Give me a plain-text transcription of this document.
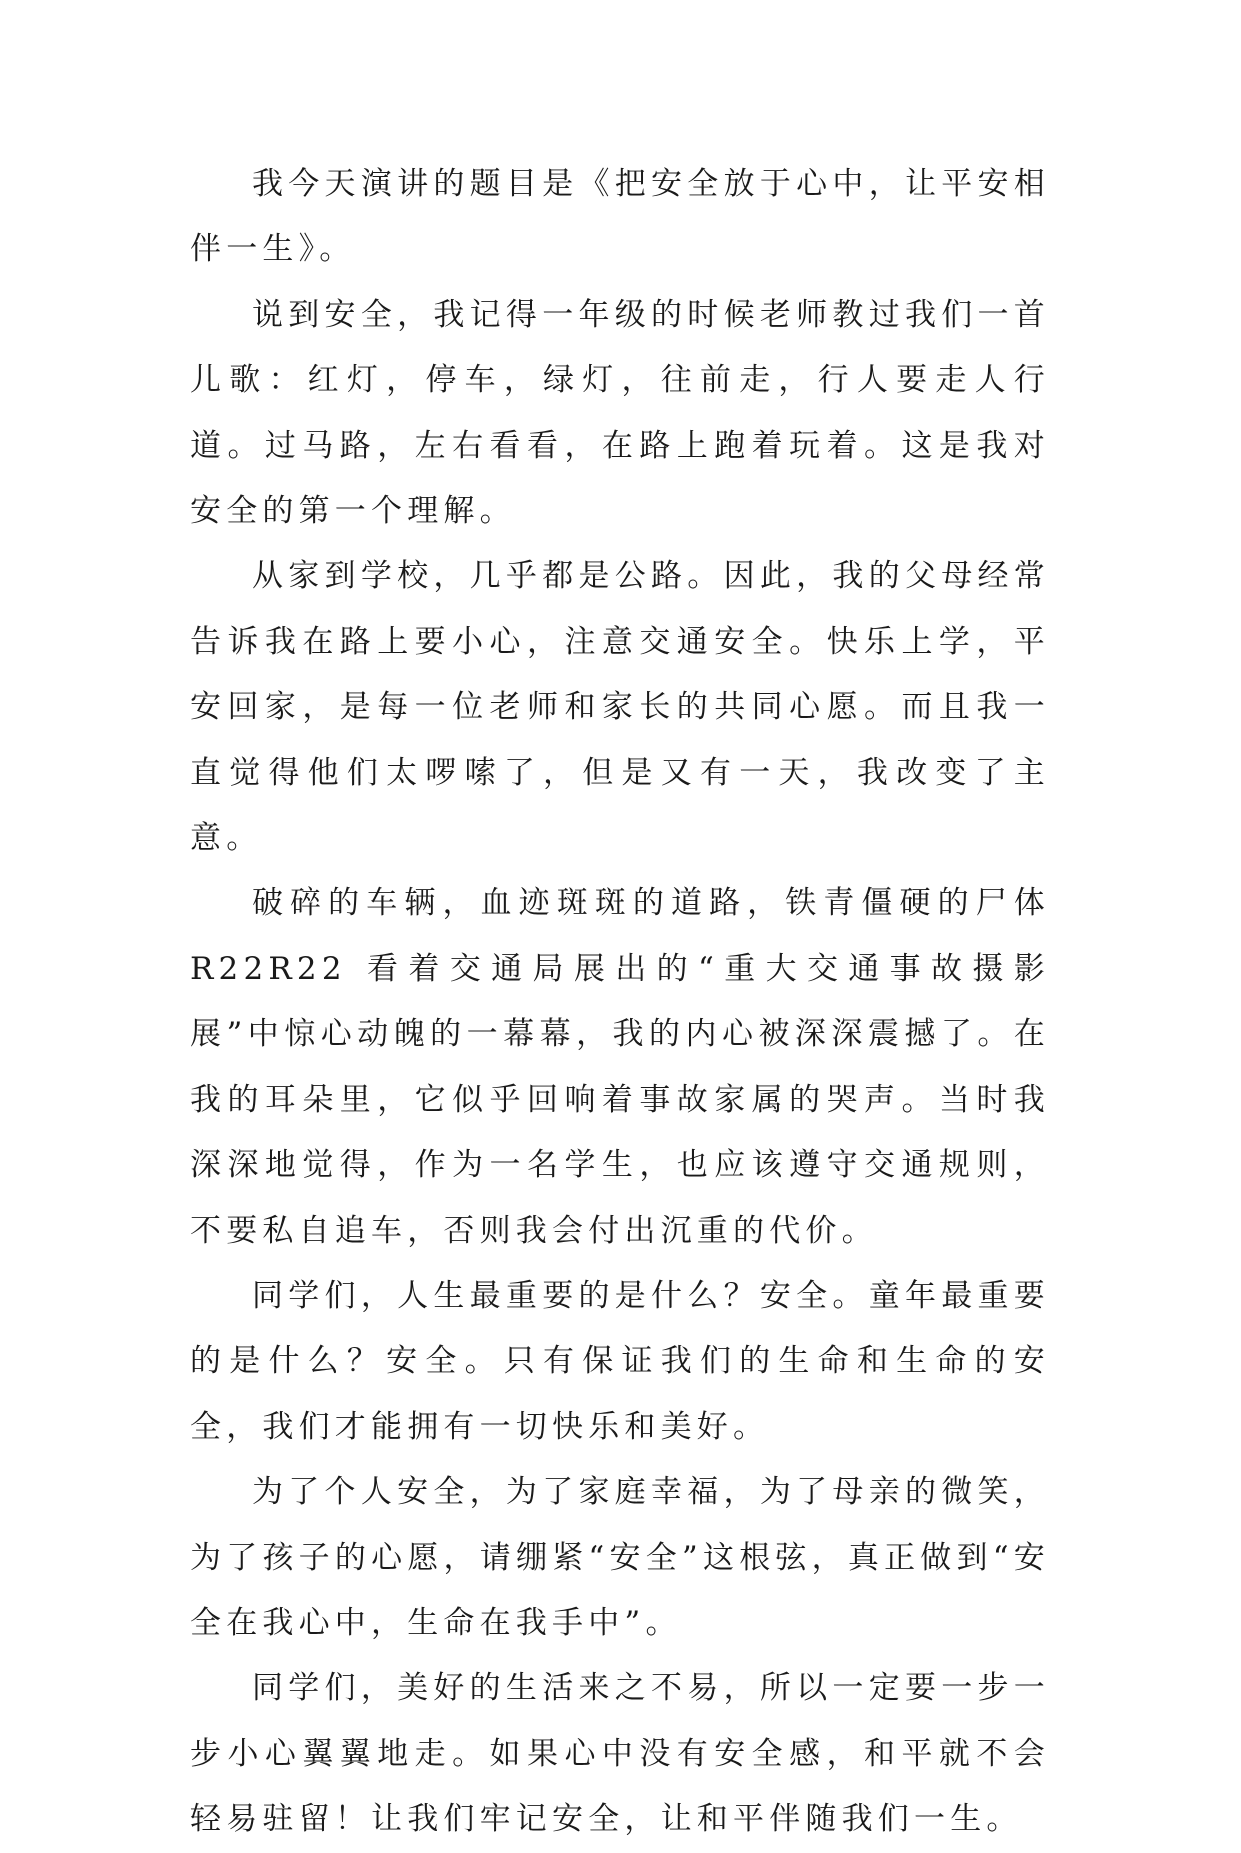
我今天演讲的题目是《把安全放于心中，让平安相伴一生》。

说到安全，我记得一年级的时候老师教过我们一首儿歌：红灯，停车，绿灯，往前走，行人要走人行道。过马路，左右看看，在路上跑着玩着。这是我对安全的第一个理解。

从家到学校，几乎都是公路。因此，我的父母经常告诉我在路上要小心，注意交通安全。快乐上学，平安回家，是每一位老师和家长的共同心愿。而且我一直觉得他们太啰嗦了，但是又有一天，我改变了主意。

破碎的车辆，血迹斑斑的道路，铁青僵硬的尸体 R22R22 看着交通局展出的“重大交通事故摄影展”中惊心动魄的一幕幕，我的内心被深深震撼了。在我的耳朵里，它似乎回响着事故家属的哭声。当时我深深地觉得，作为一名学生，也应该遵守交通规则，不要私自追车，否则我会付出沉重的代价。

同学们，人生最重要的是什么？安全。童年最重要的是什么？安全。只有保证我们的生命和生命的安全，我们才能拥有一切快乐和美好。

为了个人安全，为了家庭幸福，为了母亲的微笑，为了孩子的心愿，请绷紧“安全”这根弦，真正做到“安全在我心中，生命在我手中”。

同学们，美好的生活来之不易，所以一定要一步一步小心翼翼地走。如果心中没有安全感，和平就不会轻易驻留！让我们牢记安全，让和平伴随我们一生。
